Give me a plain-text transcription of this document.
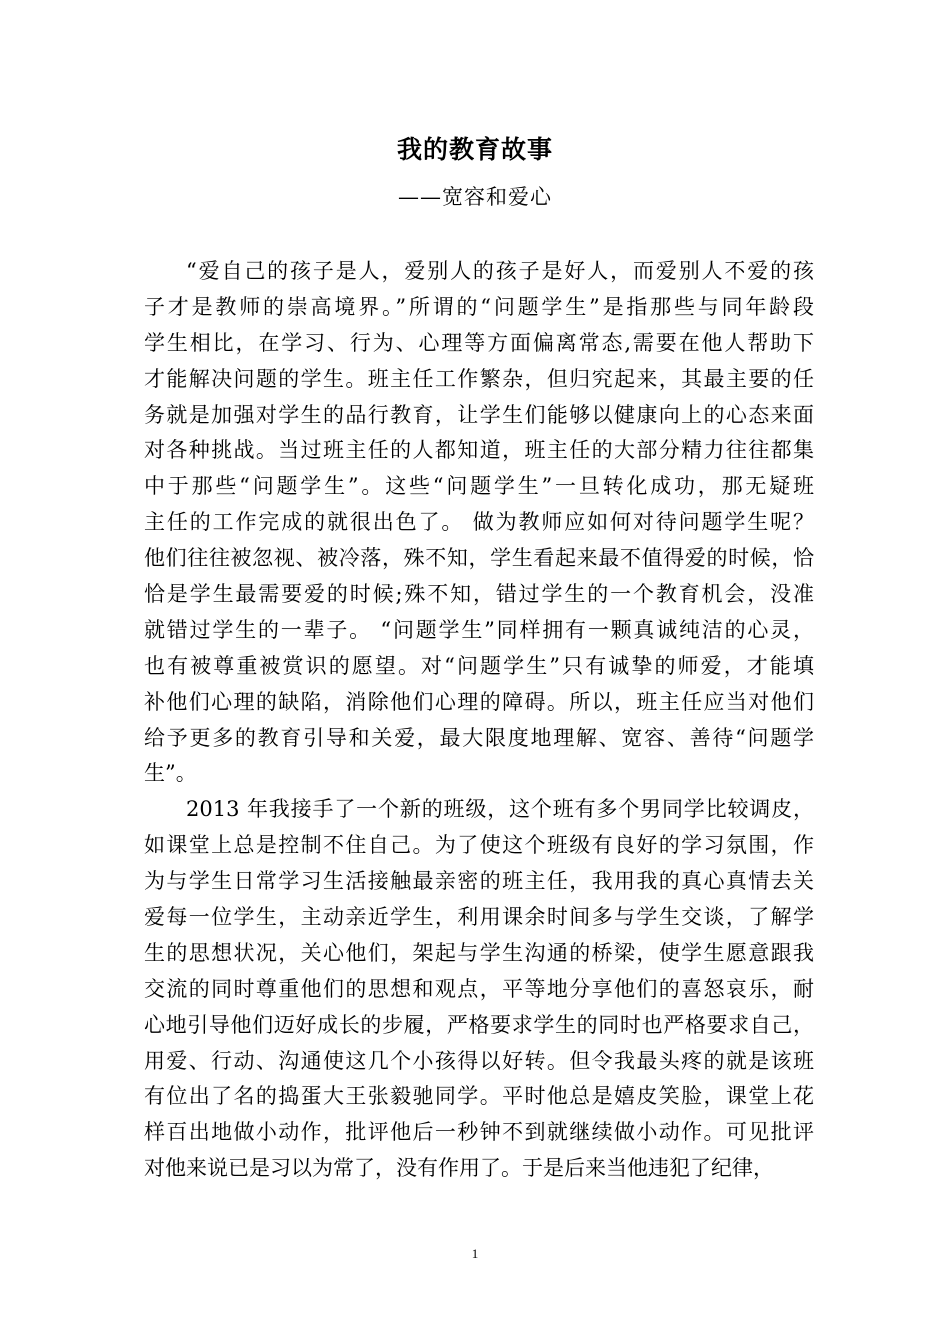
我的教育故事
——宽容和爱心
“爱自己的孩子是人，爱别人的孩子是好人，而爱别人不爱的孩
子才是教师的崇高境界。”所谓的“问题学生”是指那些与同年龄段
学生相比，在学习、行为、心理等方面偏离常态,需要在他人帮助下
才能解决问题的学生。班主任工作繁杂，但归究起来，其最主要的任
务就是加强对学生的品行教育，让学生们能够以健康向上的心态来面
对各种挑战。当过班主任的人都知道，班主任的大部分精力往往都集
中于那些“问题学生”。这些“问题学生”一旦转化成功，那无疑班
主任的工作完成的就很出色了。 做为教师应如何对待问题学生呢？
他们往往被忽视、被冷落，殊不知，学生看起来最不值得爱的时候，恰
恰是学生最需要爱的时候;殊不知，错过学生的一个教育机会，没准
就错过学生的一辈子。 “问题学生”同样拥有一颗真诚纯洁的心灵，
也有被尊重被赏识的愿望。对“问题学生”只有诚挚的师爱，才能填
补他们心理的缺陷，消除他们心理的障碍。所以，班主任应当对他们
给予更多的教育引导和关爱，最大限度地理解、宽容、善待“问题学
生”。
2013 年我接手了一个新的班级，这个班有多个男同学比较调皮，
如课堂上总是控制不住自己。为了使这个班级有良好的学习氛围，作
为与学生日常学习生活接触最亲密的班主任，我用我的真心真情去关
爱每一位学生，主动亲近学生，利用课余时间多与学生交谈，了解学
生的思想状况，关心他们，架起与学生沟通的桥梁，使学生愿意跟我
交流的同时尊重他们的思想和观点，平等地分享他们的喜怒哀乐，耐
心地引导他们迈好成长的步履，严格要求学生的同时也严格要求自己，
用爱、行动、沟通使这几个小孩得以好转。但令我最头疼的就是该班
有位出了名的捣蛋大王张毅驰同学。平时他总是嬉皮笑脸，课堂上花
样百出地做小动作，批评他后一秒钟不到就继续做小动作。可见批评
对他来说已是习以为常了，没有作用了。于是后来当他违犯了纪律，
1
